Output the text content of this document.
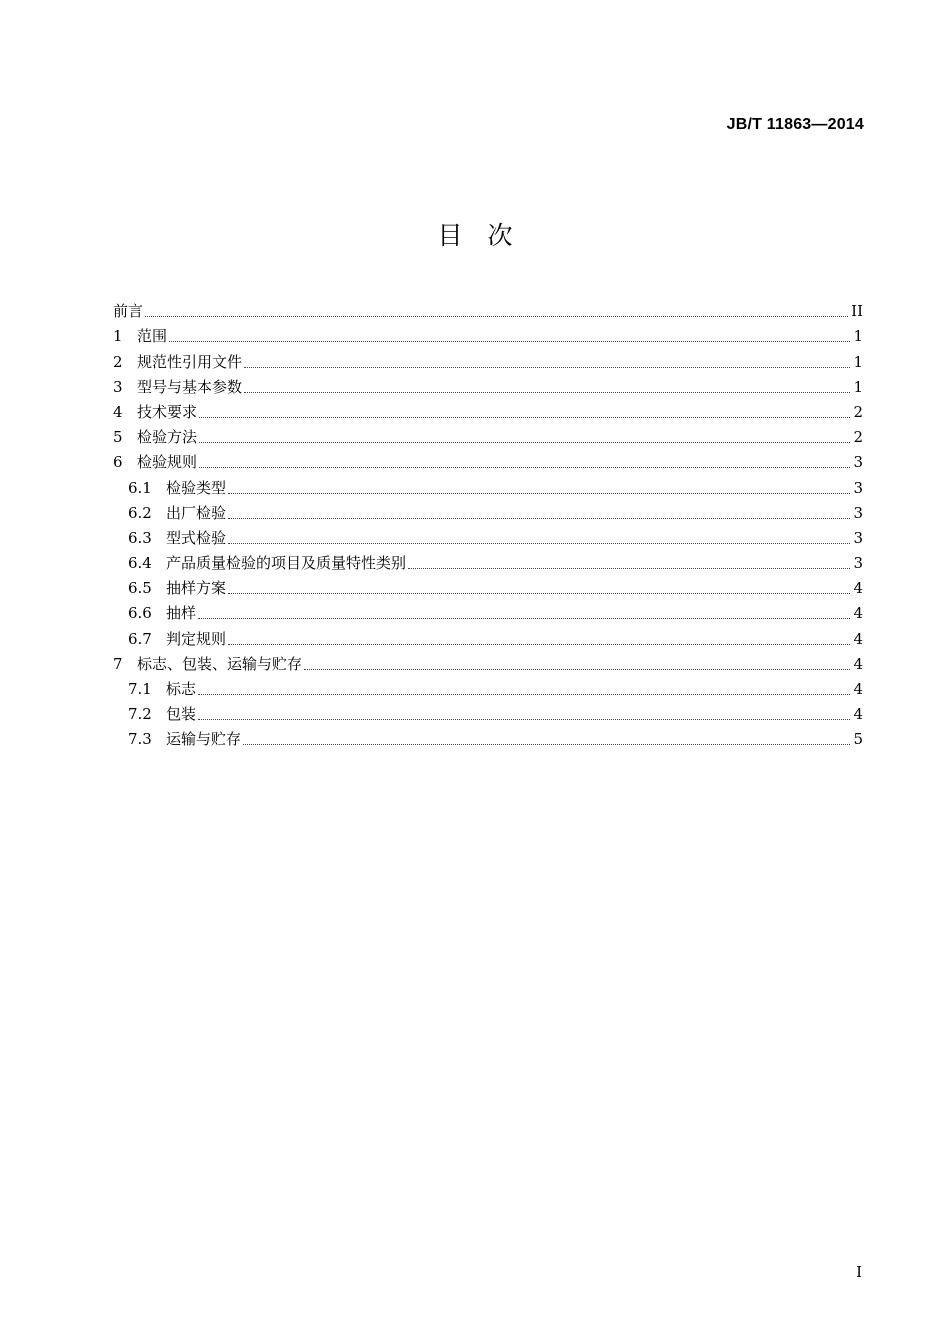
JB/T 11863—2014
目　次
前言	II
1 范围	1
2 规范性引用文件	1
3 型号与基本参数	1
4 技术要求	2
5 检验方法	2
6 检验规则	3
6.1 检验类型	3
6.2 出厂检验	3
6.3 型式检验	3
6.4 产品质量检验的项目及质量特性类别	3
6.5 抽样方案	4
6.6 抽样	4
6.7 判定规则	4
7 标志、包装、运输与贮存	4
7.1 标志	4
7.2 包装	4
7.3 运输与贮存	5
I
